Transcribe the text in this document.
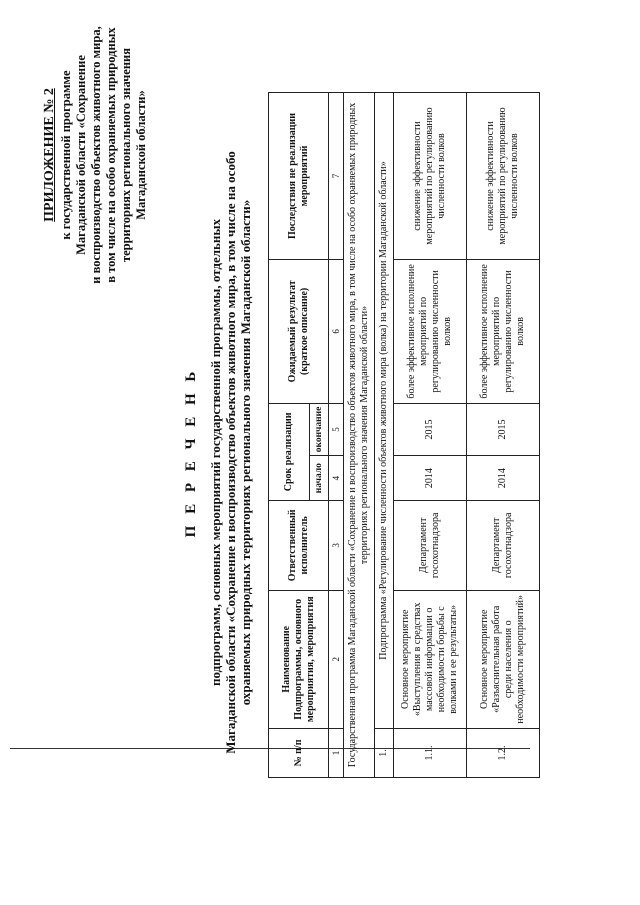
ПРИЛОЖЕНИЕ № 2 к государственной программе Магаданской области «Сохранение и воспроизводство объектов животного мира, в том числе на особо охраняемых природных территориях регионального значения Магаданской области»
П Е Р Е Ч Е Н Ь подпрограмм, основных мероприятий государственной программы, отдельных Магаданской области «Сохранение и воспроизводство объектов животного мира, в том числе на особо охраняемых природных территориях регионального значения Магаданской области»
№ п/п	Наименование Подпрограммы, основного мероприятия, мероприятия	Ответственный исполнитель	Срок реализации		Ожидаемый результат (краткое описание)	Последствия не реализации мероприятий
			начало	окончание		
1	2	3	4	5	6	7
Государственная программа Магаданской области «Сохранение и воспроизводство объектов животного мира, в том числе на особо охраняемых природных территориях регионального значения Магаданской области»						
1.	Подпрограмма «Регулирование численности объектов животного мира (волка) на территории Магаданской области»					
1.1.	Основное мероприятие «Выступления в средствах массовой информации о необходимости борьбы с волками и ее результаты»	Департамент госохотнадзора	2014	2015	более эффективное исполнение мероприятий по регулированию численности волков	снижение эффективности мероприятий по регулированию численности волков
1.2.	Основное мероприятие «Разъяснительная работа среди населения о необходимости мероприятий»	Департамент госохотнадзора	2014	2015	более эффективное исполнение мероприятий по регулированию численности волков	снижение эффективности мероприятий по регулированию численности волков
